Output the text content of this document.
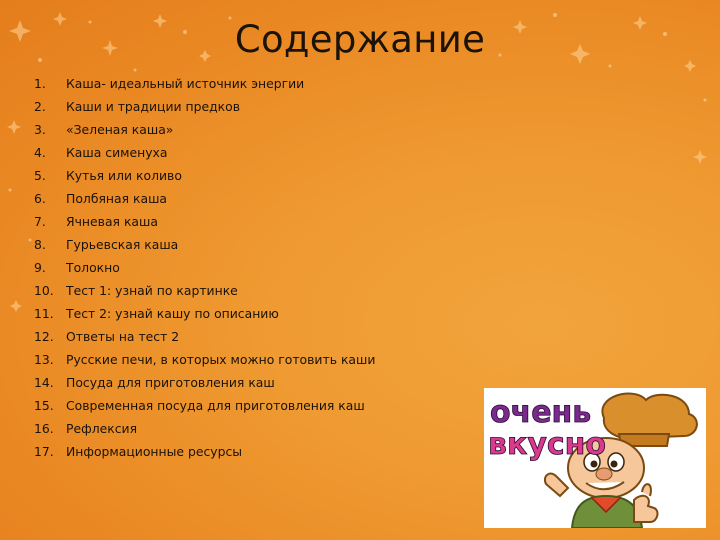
Содержание
1.	Каша- идеальный источник энергии
2.	Каши и традиции предков
3.	«Зеленая каша»
4.	Каша сименуха
5.	Кутья или коливо
6.	Полбяная каша
7.	Ячневая каша
8.	Гурьевская каша
9.	Толокно
10. Тест 1: узнай по картинке
11. Тест 2: узнай кашу по описанию
12. Ответы на тест 2
13. Русские печи, в которых можно готовить каши
14. Посуда для приготовления каш
15. Современная посуда для приготовления каш
16. Рефлексия
17. Информационные ресурсы
очень
вкусно
